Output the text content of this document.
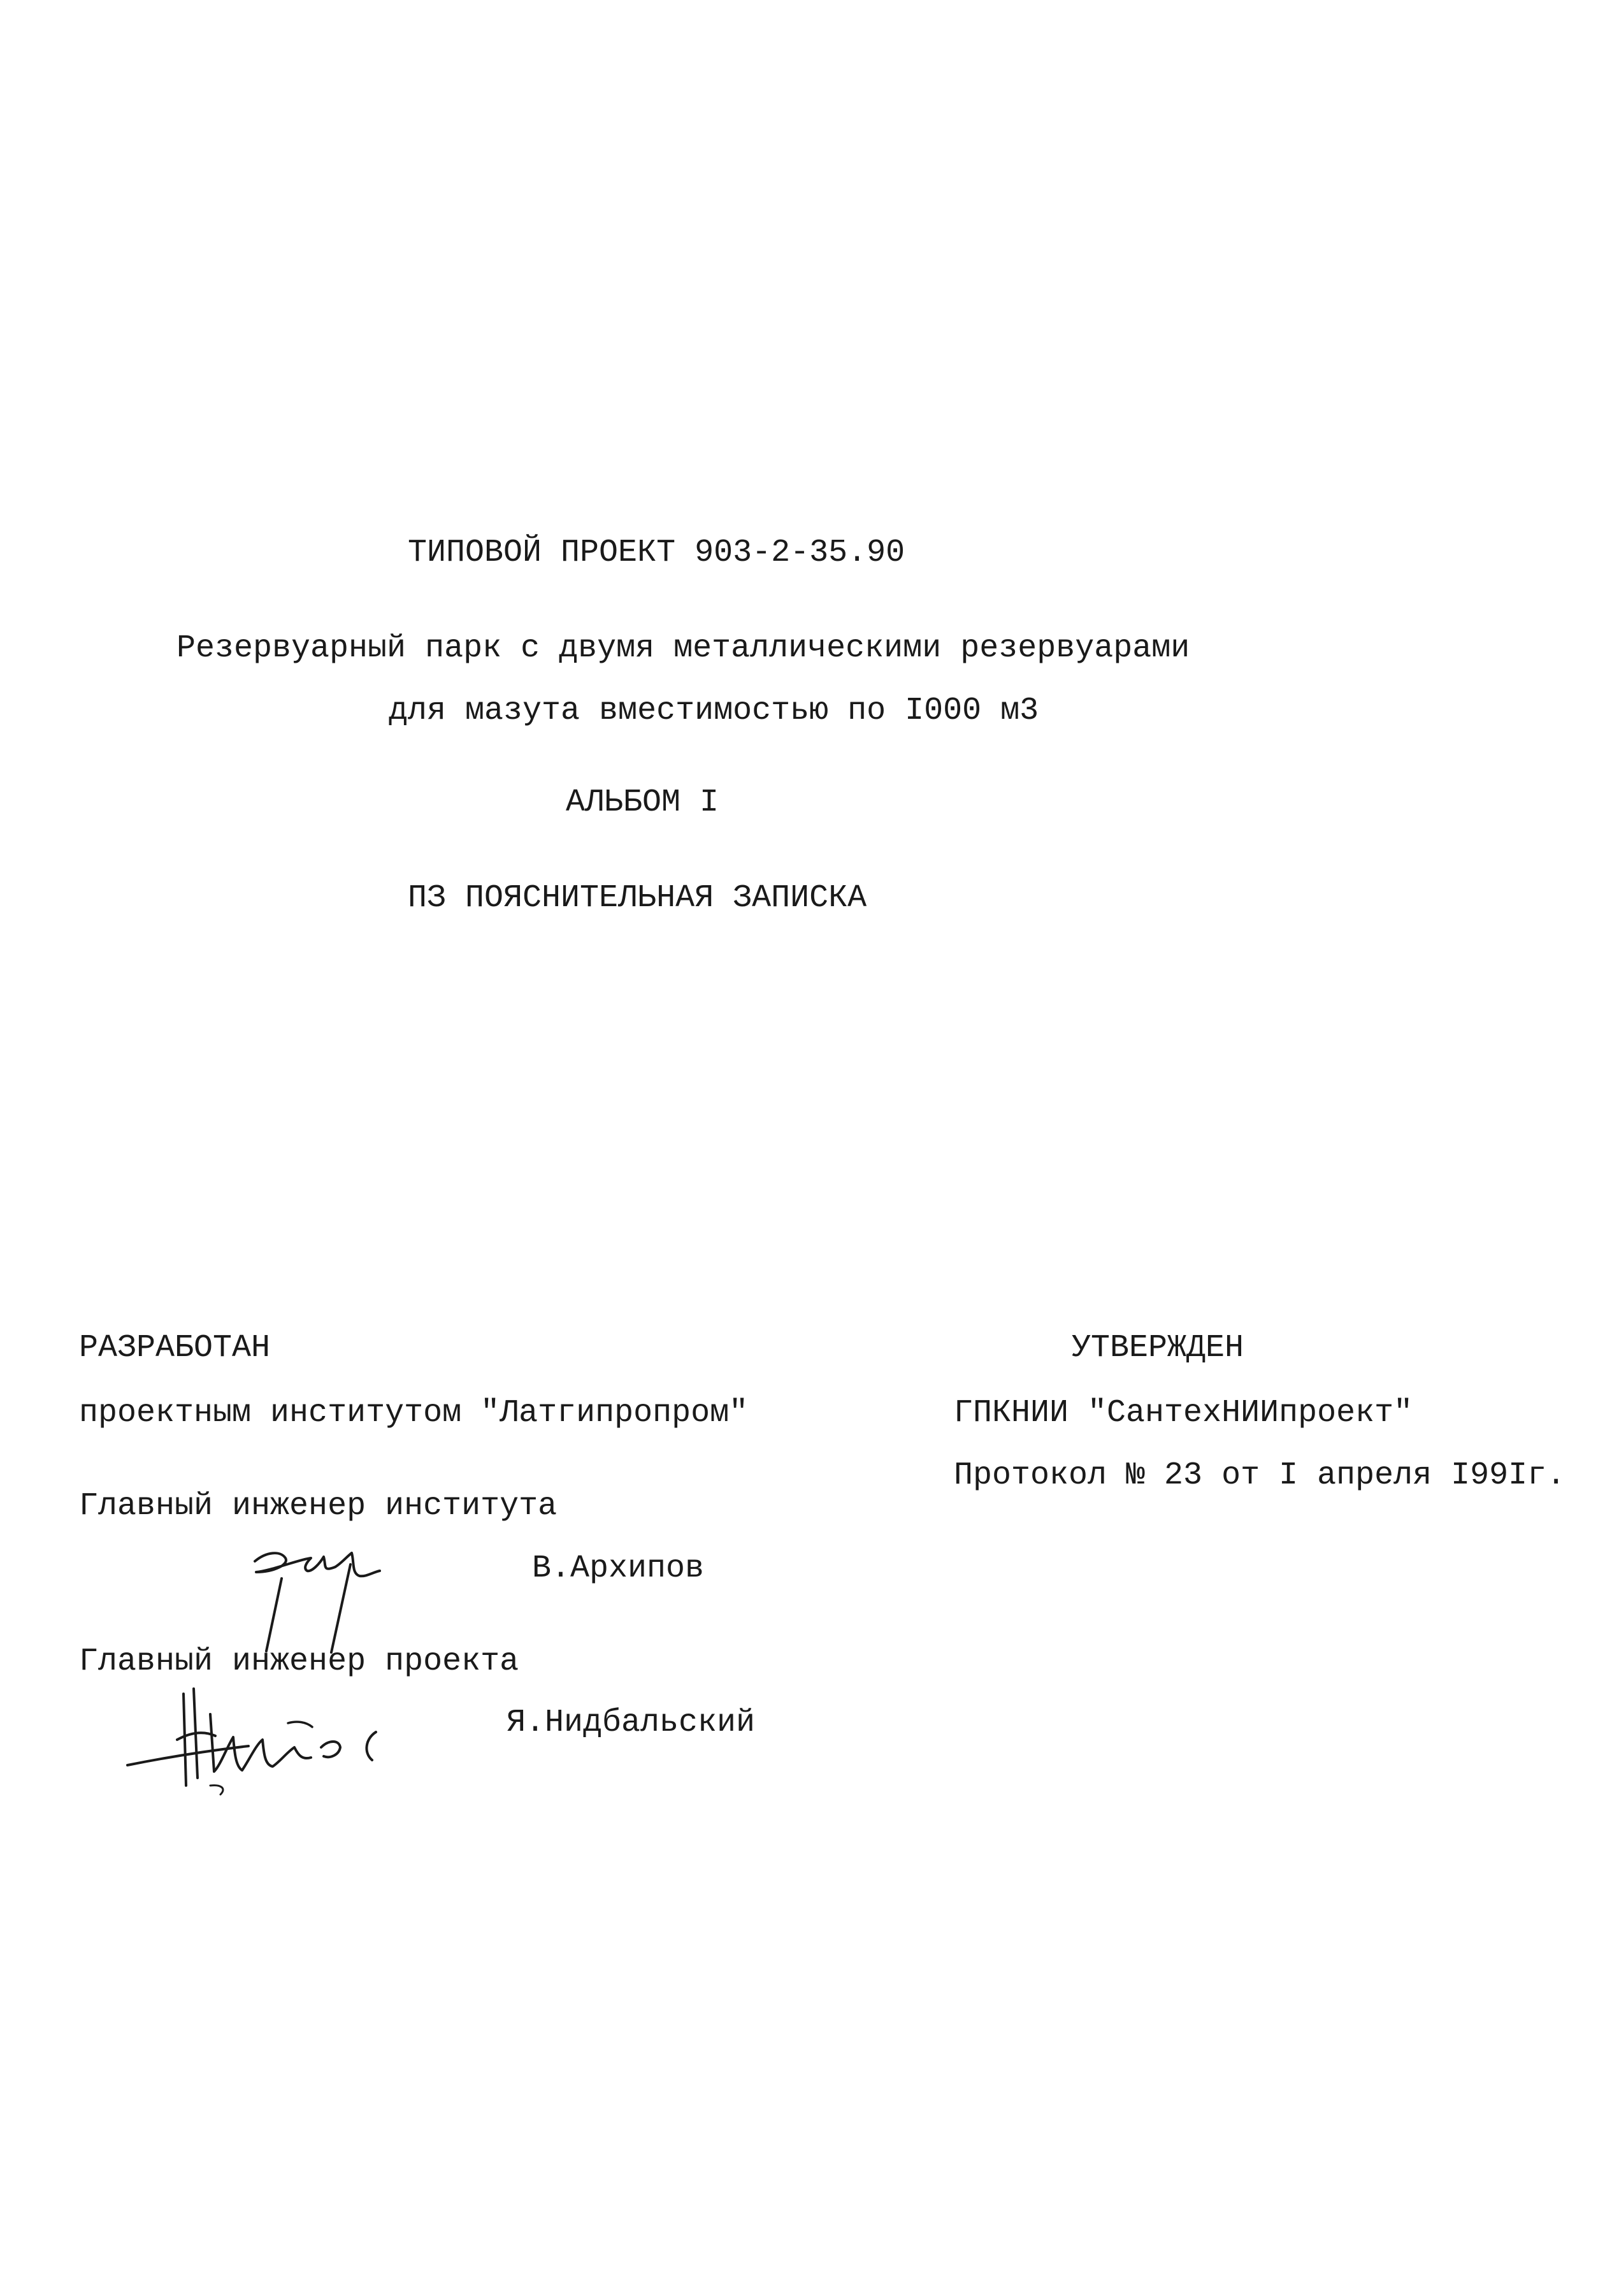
ТИПОВОЙ ПРОЕКТ 903-2-35.90
Резервуарный парк с двумя металлическими резервуарами
для мазута вместимостью по I000 м3
АЛЬБОМ I
ПЗ ПОЯСНИТЕЛЬНАЯ ЗАПИСКА
РАЗРАБОТАН
проектным институтом "Латгипропром"
Главный инженер института
В.Архипов
Главный инженер проекта
Я.Нидбальский
УТВЕРЖДЕН
ГПКНИИ "СантехНИИпроект"
Протокол № 23 от I апреля I99Iг.
